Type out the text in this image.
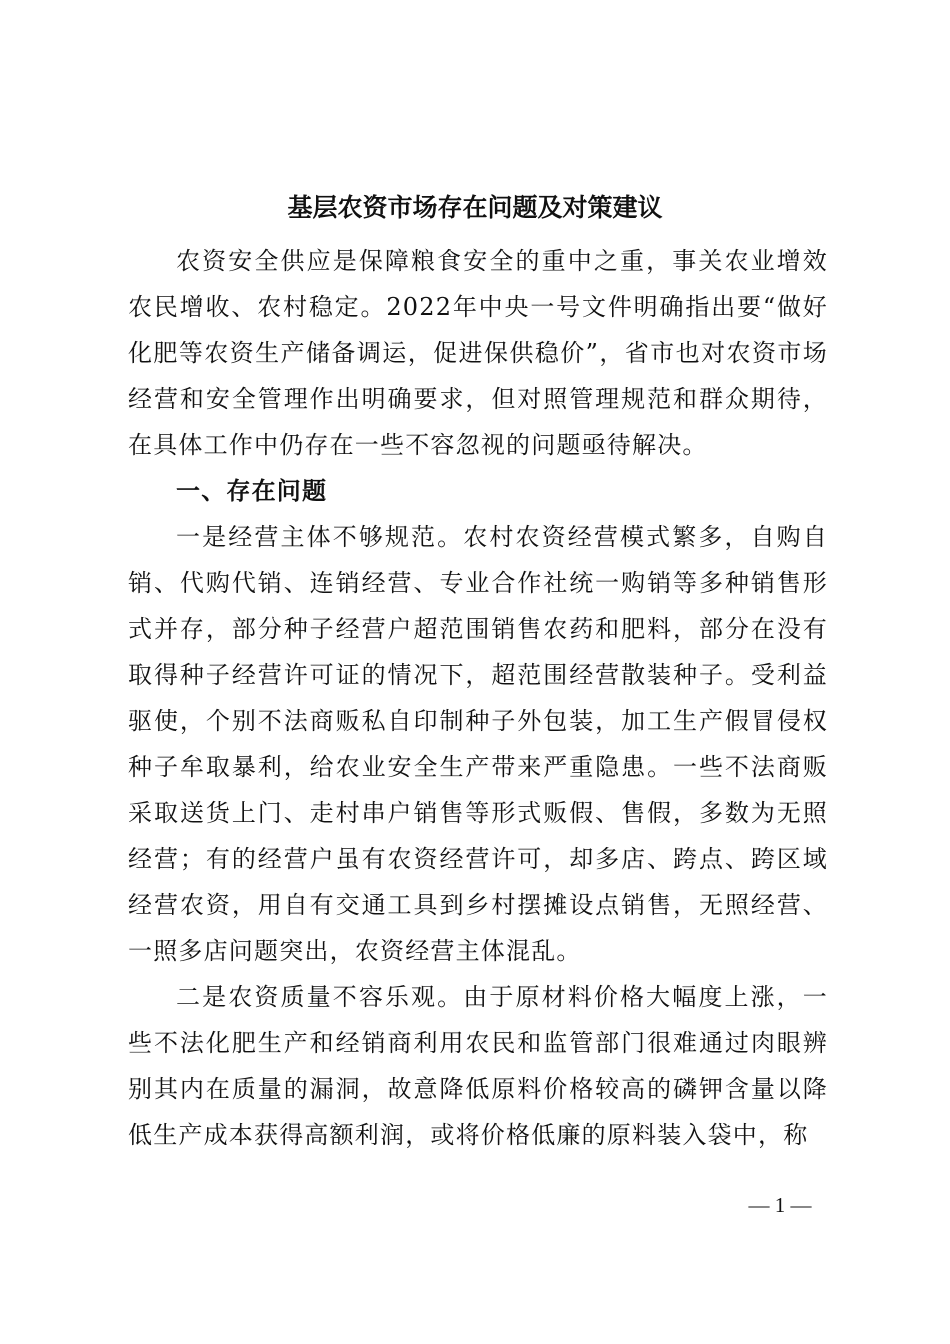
基层农资市场存在问题及对策建议

农资安全供应是保障粮食安全的重中之重，事关农业增效农民增收、农村稳定。2022年中央一号文件明确指出要“做好化肥等农资生产储备调运，促进保供稳价”，省市也对农资市场经营和安全管理作出明确要求，但对照管理规范和群众期待，在具体工作中仍存在一些不容忽视的问题亟待解决。

一、存在问题

一是经营主体不够规范。农村农资经营模式繁多，自购自销、代购代销、连销经营、专业合作社统一购销等多种销售形式并存，部分种子经营户超范围销售农药和肥料，部分在没有取得种子经营许可证的情况下，超范围经营散装种子。受利益驱使，个别不法商贩私自印制种子外包装，加工生产假冒侵权种子牟取暴利，给农业安全生产带来严重隐患。一些不法商贩采取送货上门、走村串户销售等形式贩假、售假，多数为无照经营；有的经营户虽有农资经营许可，却多店、跨点、跨区域经营农资，用自有交通工具到乡村摆摊设点销售，无照经营、一照多店问题突出，农资经营主体混乱。

二是农资质量不容乐观。由于原材料价格大幅度上涨，一些不法化肥生产和经销商利用农民和监管部门很难通过肉眼辨别其内在质量的漏洞，故意降低原料价格较高的磷钾含量以降低生产成本获得高额利润，或将价格低廉的原料装入袋中，称

— 1 —
